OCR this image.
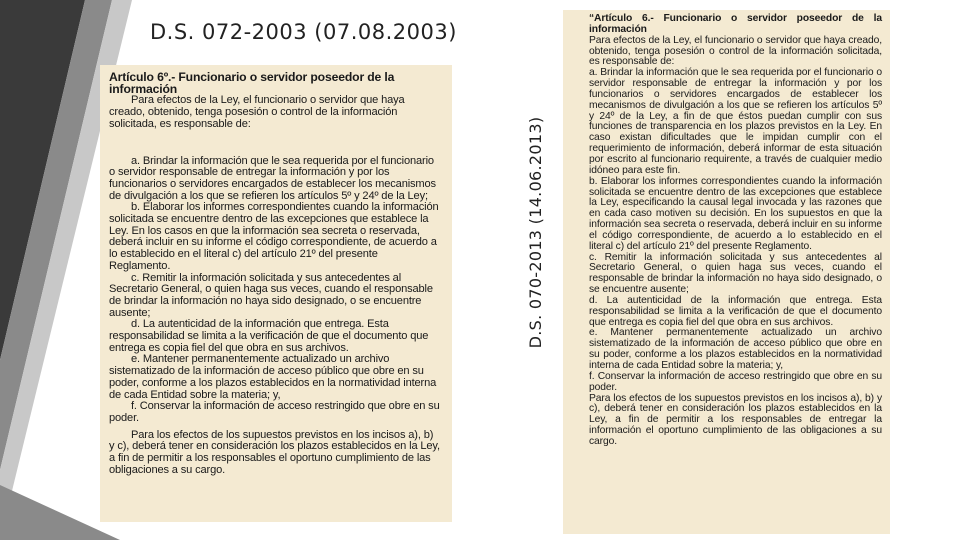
D.S. 072-2003 (07.08.2003)
D.S. 070-2013 (14.06.2013)

Artículo 6º.- Funcionario o servidor poseedor de la información

Para efectos de la Ley, el funcionario o servidor que haya creado, obtenido, tenga posesión o control de la información solicitada, es responsable de:

a. Brindar la información que le sea requerida por el funcionario o servidor responsable de entregar la información y por los funcionarios o servidores encargados de establecer los mecanismos de divulgación a los que se refieren los artículos 5º y 24º de la Ley;

b. Elaborar los informes correspondientes cuando la información solicitada se encuentre dentro de las excepciones que establece la Ley. En los casos en que la información sea secreta o reservada, deberá incluir en su informe el código correspondiente, de acuerdo a lo establecido en el literal c) del artículo 21º del presente Reglamento.

c. Remitir la información solicitada y sus antecedentes al Secretario General, o quien haga sus veces, cuando el responsable de brindar la información no haya sido designado, o se encuentre ausente;

d. La autenticidad de la información que entrega. Esta responsabilidad se limita a la verificación de que el documento que entrega es copia fiel del que obra en sus archivos.

e. Mantener permanentemente actualizado un archivo sistematizado de la información de acceso público que obre en su poder, conforme a los plazos establecidos en la normatividad interna de cada Entidad sobre la materia; y,

f. Conservar la información de acceso restringido que obre en su poder.

Para los efectos de los supuestos previstos en los incisos a), b) y c), deberá tener en consideración los plazos establecidos en la Ley, a fin de permitir a los responsables el oportuno cumplimiento de las obligaciones a su cargo.

“Artículo 6.- Funcionario o servidor poseedor de la información

Para efectos de la Ley, el funcionario o servidor que haya creado, obtenido, tenga posesión o control de la información solicitada, es responsable de:

a. Brindar la información que le sea requerida por el funcionario o servidor responsable de entregar la información y por los funcionarios o servidores encargados de establecer los mecanismos de divulgación a los que se refieren los artículos 5º y 24º de la Ley, a fin de que éstos puedan cumplir con sus funciones de transparencia en los plazos previstos en la Ley. En caso existan dificultades que le impidan cumplir con el requerimiento de información, deberá informar de esta situación por escrito al funcionario requirente, a través de cualquier medio idóneo para este fin.

b. Elaborar los informes correspondientes cuando la información solicitada se encuentre dentro de las excepciones que establece la Ley, especificando la causal legal invocada y las razones que en cada caso motiven su decisión. En los supuestos en que la información sea secreta o reservada, deberá incluir en su informe el código correspondiente, de acuerdo a lo establecido en el literal c) del artículo 21º del presente Reglamento.

c. Remitir la información solicitada y sus antecedentes al Secretario General, o quien haga sus veces, cuando el responsable de brindar la información no haya sido designado, o se encuentre ausente;

d. La autenticidad de la información que entrega. Esta responsabilidad se limita a la verificación de que el documento que entrega es copia fiel del que obra en sus archivos.

e. Mantener permanentemente actualizado un archivo sistematizado de la información de acceso público que obre en su poder, conforme a los plazos establecidos en la normatividad interna de cada Entidad sobre la materia; y,

f. Conservar la información de acceso restringido que obre en su poder.

Para los efectos de los supuestos previstos en los incisos a), b) y c), deberá tener en consideración los plazos establecidos en la Ley, a fin de permitir a los responsables de entregar la información el oportuno cumplimiento de las obligaciones a su cargo.
